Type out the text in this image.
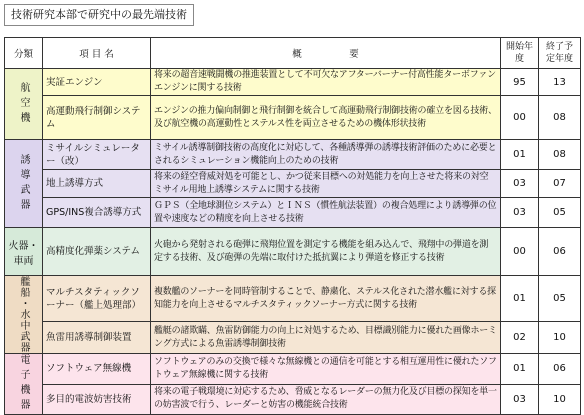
技術研究本部で研究中の最先端技術
分類	項 目 名	概　　　　　要	開始年度	終了予定年度

航空機	実証エンジン	将来の超音速戦闘機の推進装置として不可欠なアフターバーナー付高性能ターボファンエンジンに関する技術	95	13
	高運動飛行制御システム	エンジンの推力偏向制御と飛行制御を統合して高運動飛行制御技術の確立を図る技術、及び航空機の高運動性とステルス性を両立させるための機体形状技術	00	08

誘導武器	ミサイルシミュレーター（改）	ミサイル誘導制御技術の高度化に対応して、各種誘導弾の誘導技術評価のために必要とされるシミュレーション機能向上のための技術	01	08
	地上誘導方式	将来の経空脅威対処を可能とし、かつ従来目標への対処能力を向上させた将来の対空ミサイル用地上誘導システムに関する技術	03	07
	GPS/INS複合誘導方式	ＧＰＳ（全地球測位システム）とＩＮＳ（慣性航法装置）の複合処理により誘導弾の位置や速度などの精度を向上させる技術	03	05
火器・車両	高精度化弾薬システム	火砲から発射される砲弾に飛翔位置を測定する機能を組み込んで、飛翔中の弾道を測定する技術、及び砲弾の先端に取付けた抵抗翼により弾道を修正する技術	00	06

艦船・水中武器	マルチスタティックソーナー（艦上処理部）	複数艦のソーナーを同時管制することで、静粛化、ステルス化された潜水艦に対する探知能力を向上させるマルチスタティックソーナー方式に関する技術	01	05
	魚雷用誘導制御装置	艦艇の諸欺瞞、魚雷防御能力の向上に対処するため、目標識別能力に優れた画像ホーミング方式による魚雷誘導制御技術	02	10

電子機器	ソフトウェア無線機	ソフトウェアのみの交換で様々な無線機との通信を可能とする相互運用性に優れたソフトウェア無線機に関する技術	01	06
	多目的電波妨害技術	将来の電子戦環境に対応するため、脅威となるレーダーの無力化及び目標の探知を単一の妨害波で行う、レーダーと妨害の機能統合技術	03	10
